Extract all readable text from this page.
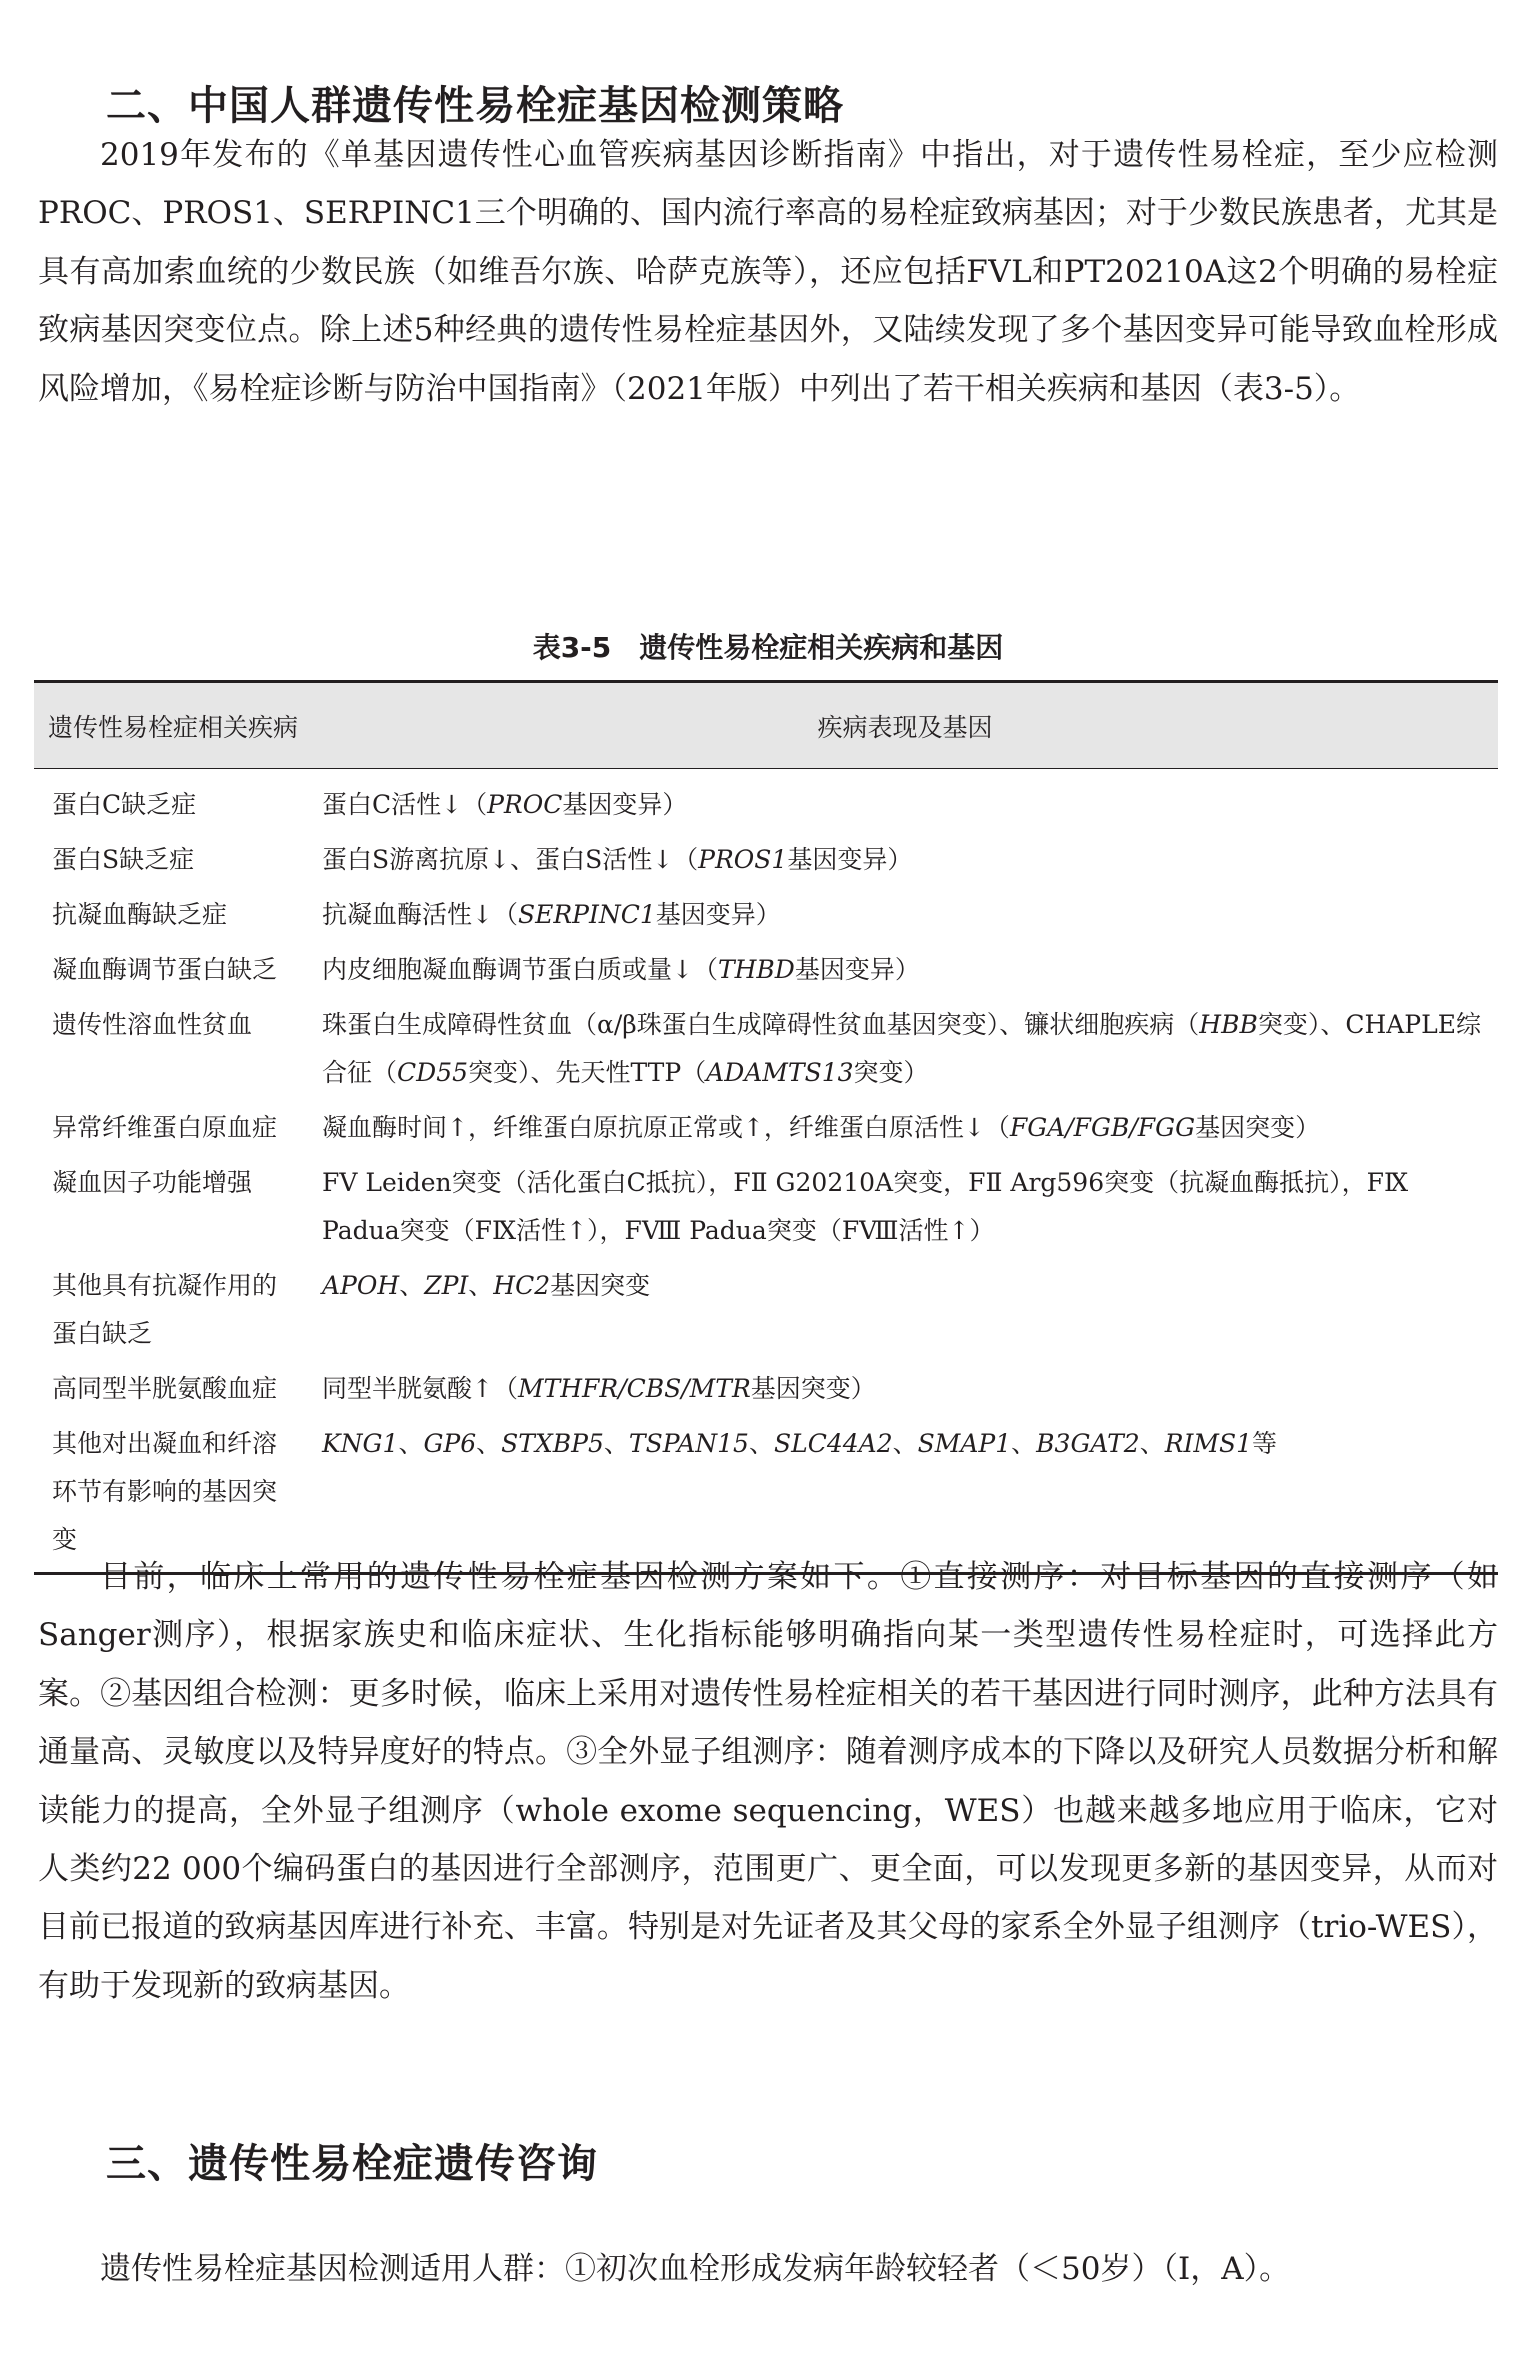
二、中国人群遗传性易栓症基因检测策略

2019年发布的《单基因遗传性心血管疾病基因诊断指南》中指出，对于遗传性易栓症，至少应检测PROC、PROS1、SERPINC1三个明确的、国内流行率高的易栓症致病基因；对于少数民族患者，尤其是具有高加索血统的少数民族（如维吾尔族、哈萨克族等），还应包括FⅤL和PT20210A这2个明确的易栓症致病基因突变位点。除上述5种经典的遗传性易栓症基因外，又陆续发现了多个基因变异可能导致血栓形成风险增加，《易栓症诊断与防治中国指南》（2021年版）中列出了若干相关疾病和基因（表3-5）。

表3-5　遗传性易栓症相关疾病和基因
遗传性易栓症相关疾病	疾病表现及基因
蛋白C缺乏症	蛋白C活性↓（PROC基因变异）
蛋白S缺乏症	蛋白S游离抗原↓、蛋白S活性↓（PROS1基因变异）
抗凝血酶缺乏症	抗凝血酶活性↓（SERPINC1基因变异）
凝血酶调节蛋白缺乏	内皮细胞凝血酶调节蛋白质或量↓（THBD基因变异）
遗传性溶血性贫血	珠蛋白生成障碍性贫血（α/β珠蛋白生成障碍性贫血基因突变）、镰状细胞疾病（HBB突变）、CHAPLE综合征（CD55突变）、先天性TTP（ADAMTS13突变）
异常纤维蛋白原血症	凝血酶时间↑，纤维蛋白原抗原正常或↑，纤维蛋白原活性↓（FGA/FGB/FGG基因突变）
凝血因子功能增强	FⅤ Leiden突变（活化蛋白C抵抗），FⅡ G20210A突变，FⅡ Arg596突变（抗凝血酶抵抗），FⅨ Padua突变（FⅨ活性↑），FⅧ Padua突变（FⅧ活性↑）
其他具有抗凝作用的蛋白缺乏	APOH、ZPI、HC2基因突变
高同型半胱氨酸血症	同型半胱氨酸↑（MTHFR/CBS/MTR基因突变）
其他对出凝血和纤溶环节有影响的基因突变	KNG1、GP6、STXBP5、TSPAN15、SLC44A2、SMAP1、B3GAT2、RIMS1等

目前，临床上常用的遗传性易栓症基因检测方案如下。①直接测序：对目标基因的直接测序（如Sanger测序），根据家族史和临床症状、生化指标能够明确指向某一类型遗传性易栓症时，可选择此方案。②基因组合检测：更多时候，临床上采用对遗传性易栓症相关的若干基因进行同时测序，此种方法具有通量高、灵敏度以及特异度好的特点。③全外显子组测序：随着测序成本的下降以及研究人员数据分析和解读能力的提高，全外显子组测序（whole exome sequencing，WES）也越来越多地应用于临床，它对人类约22 000个编码蛋白的基因进行全部测序，范围更广、更全面，可以发现更多新的基因变异，从而对目前已报道的致病基因库进行补充、丰富。特别是对先证者及其父母的家系全外显子组测序（trio-WES），有助于发现新的致病基因。

三、遗传性易栓症遗传咨询

遗传性易栓症基因检测适用人群：①初次血栓形成发病年龄较轻者（＜50岁）（Ⅰ，A）。
